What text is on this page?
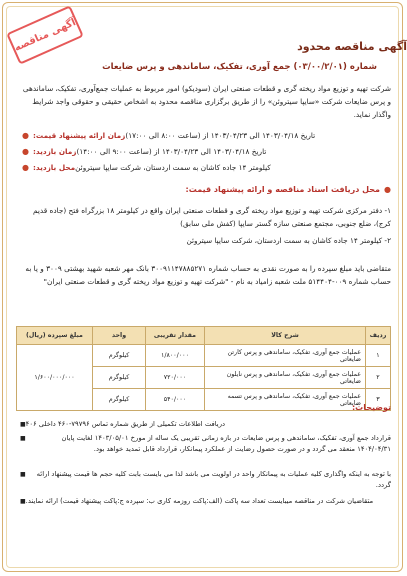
آگهی مناقصه	آگهی مناقصه محدود
شماره (۰۳/۰۰/۲/۰۱) جمع آوری، تفکیک، ساماندهی و پرس ضایعات
شرکت تهیه و توزیع مواد ریخته گری و قطعات صنعتی ایران (سودیکو) امور مربوط به عملیات جمع‌آوری، تفکیک، ساماندهی و پرس ضایعات شرکت «سایپا سیتروئن» را از طریق برگزاری مناقصه محدود به اشخاص حقیقی و حقوقی واجد شرایط واگذار نماید.
● زمان ارائه پیشنهاد قیمت: تاریخ ۱۴۰۳/۰۴/۱۸ الی ۱۴۰۳/۰۴/۲۳ از (ساعت ۸:۰۰ الی ۱۷:۰۰)
● زمان بازدید: تاریخ ۱۴۰۳/۰۴/۱۸ الی ۱۴۰۳/۰۴/۲۳ از (ساعت ۹:۰۰ الی ۱۴:۰۰)
● محل بازدید: کیلومتر ۱۴ جاده کاشان به سمت اردستان، شرکت سایپا سیتروئن
●محل دریافت اسناد مناقصه و ارائه پیشنهاد قیمت:
۱- دفتر مرکزی شرکت تهیه و توزیع مواد ریخته گری و قطعات صنعتی ایران واقع در کیلومتر ۱۸ بزرگراه فتح (جاده قدیم کرج)، ضلع جنوبی، مجتمع صنعتی سازه گستر سایپا (کفش ملی سابق)
۲- کیلومتر ۱۴ جاده کاشان به سمت اردستان، شرکت سایپا سیتروئن
متقاضی باید مبلغ سپرده را به صورت نقدی به حساب شماره ۳۰۰۹۱۱۴۷۸۸۵۲۷۱ بانک مهر شعبه شهید بهشتی ۳۰۰۹ و یا به حساب شماره ۰۰۹-۵۱۴۴۰۴ ملت شعبه زامیاد به نام - "شرکت تهیه و توزیع مواد ریخته گری و قطعات صنعتی ایران"
ردیف	شرح کالا	مقدار تقریبی	واحد	مبلغ سپرده (ریال)
۱	عملیات جمع آوری، تفکیک، ساماندهی و پرس کارتن ضایعاتی	۱/۸۰۰/۰۰۰	کیلوگرم	۱/۶۰۰/۰۰۰/۰۰۰
۲	عملیات جمع آوری، تفکیک، ساماندهی و پرس نایلون ضایعاتی	۷۲۰/۰۰۰	کیلوگرم	
۳	عملیات جمع آوری، تفکیک، ساماندهی و پرس تسمه ضایعاتی	۵۴۰/۰۰۰	کیلوگرم	
توضیحات:
■ دریافت اطلاعات تکمیلی از طریق شماره تماس ۷۹۷۹۶-۴۶۰ داخلی ۴۰۶
■	قرارداد جمع آوری، تفکیک، ساماندهی و پرس ضایعات در بازه زمانی تقریبی یک ساله از مورخ ۱۴۰۳/۰۵/۰۱ لغایت پایان ۱۴۰۴/۰۴/۳۱ منعقد می گردد و در صورت حصول رضایت از عملکرد پیمانکار، قرارداد قابل تمدید خواهد بود.
■	با توجه به اینکه واگذاری کلیه عملیات به پیمانکار واحد در اولویت می باشد لذا می بایست بابت کلیه حجم ها قیمت پیشنهاد ارائه گردد.
■ متقاضیان شرکت در مناقصه میبایست تعداد سه پاکت (الف:پاکت روزمه کاری ب: سپرده ج:پاکت پیشنهاد قیمت) ارائه نمایند.
